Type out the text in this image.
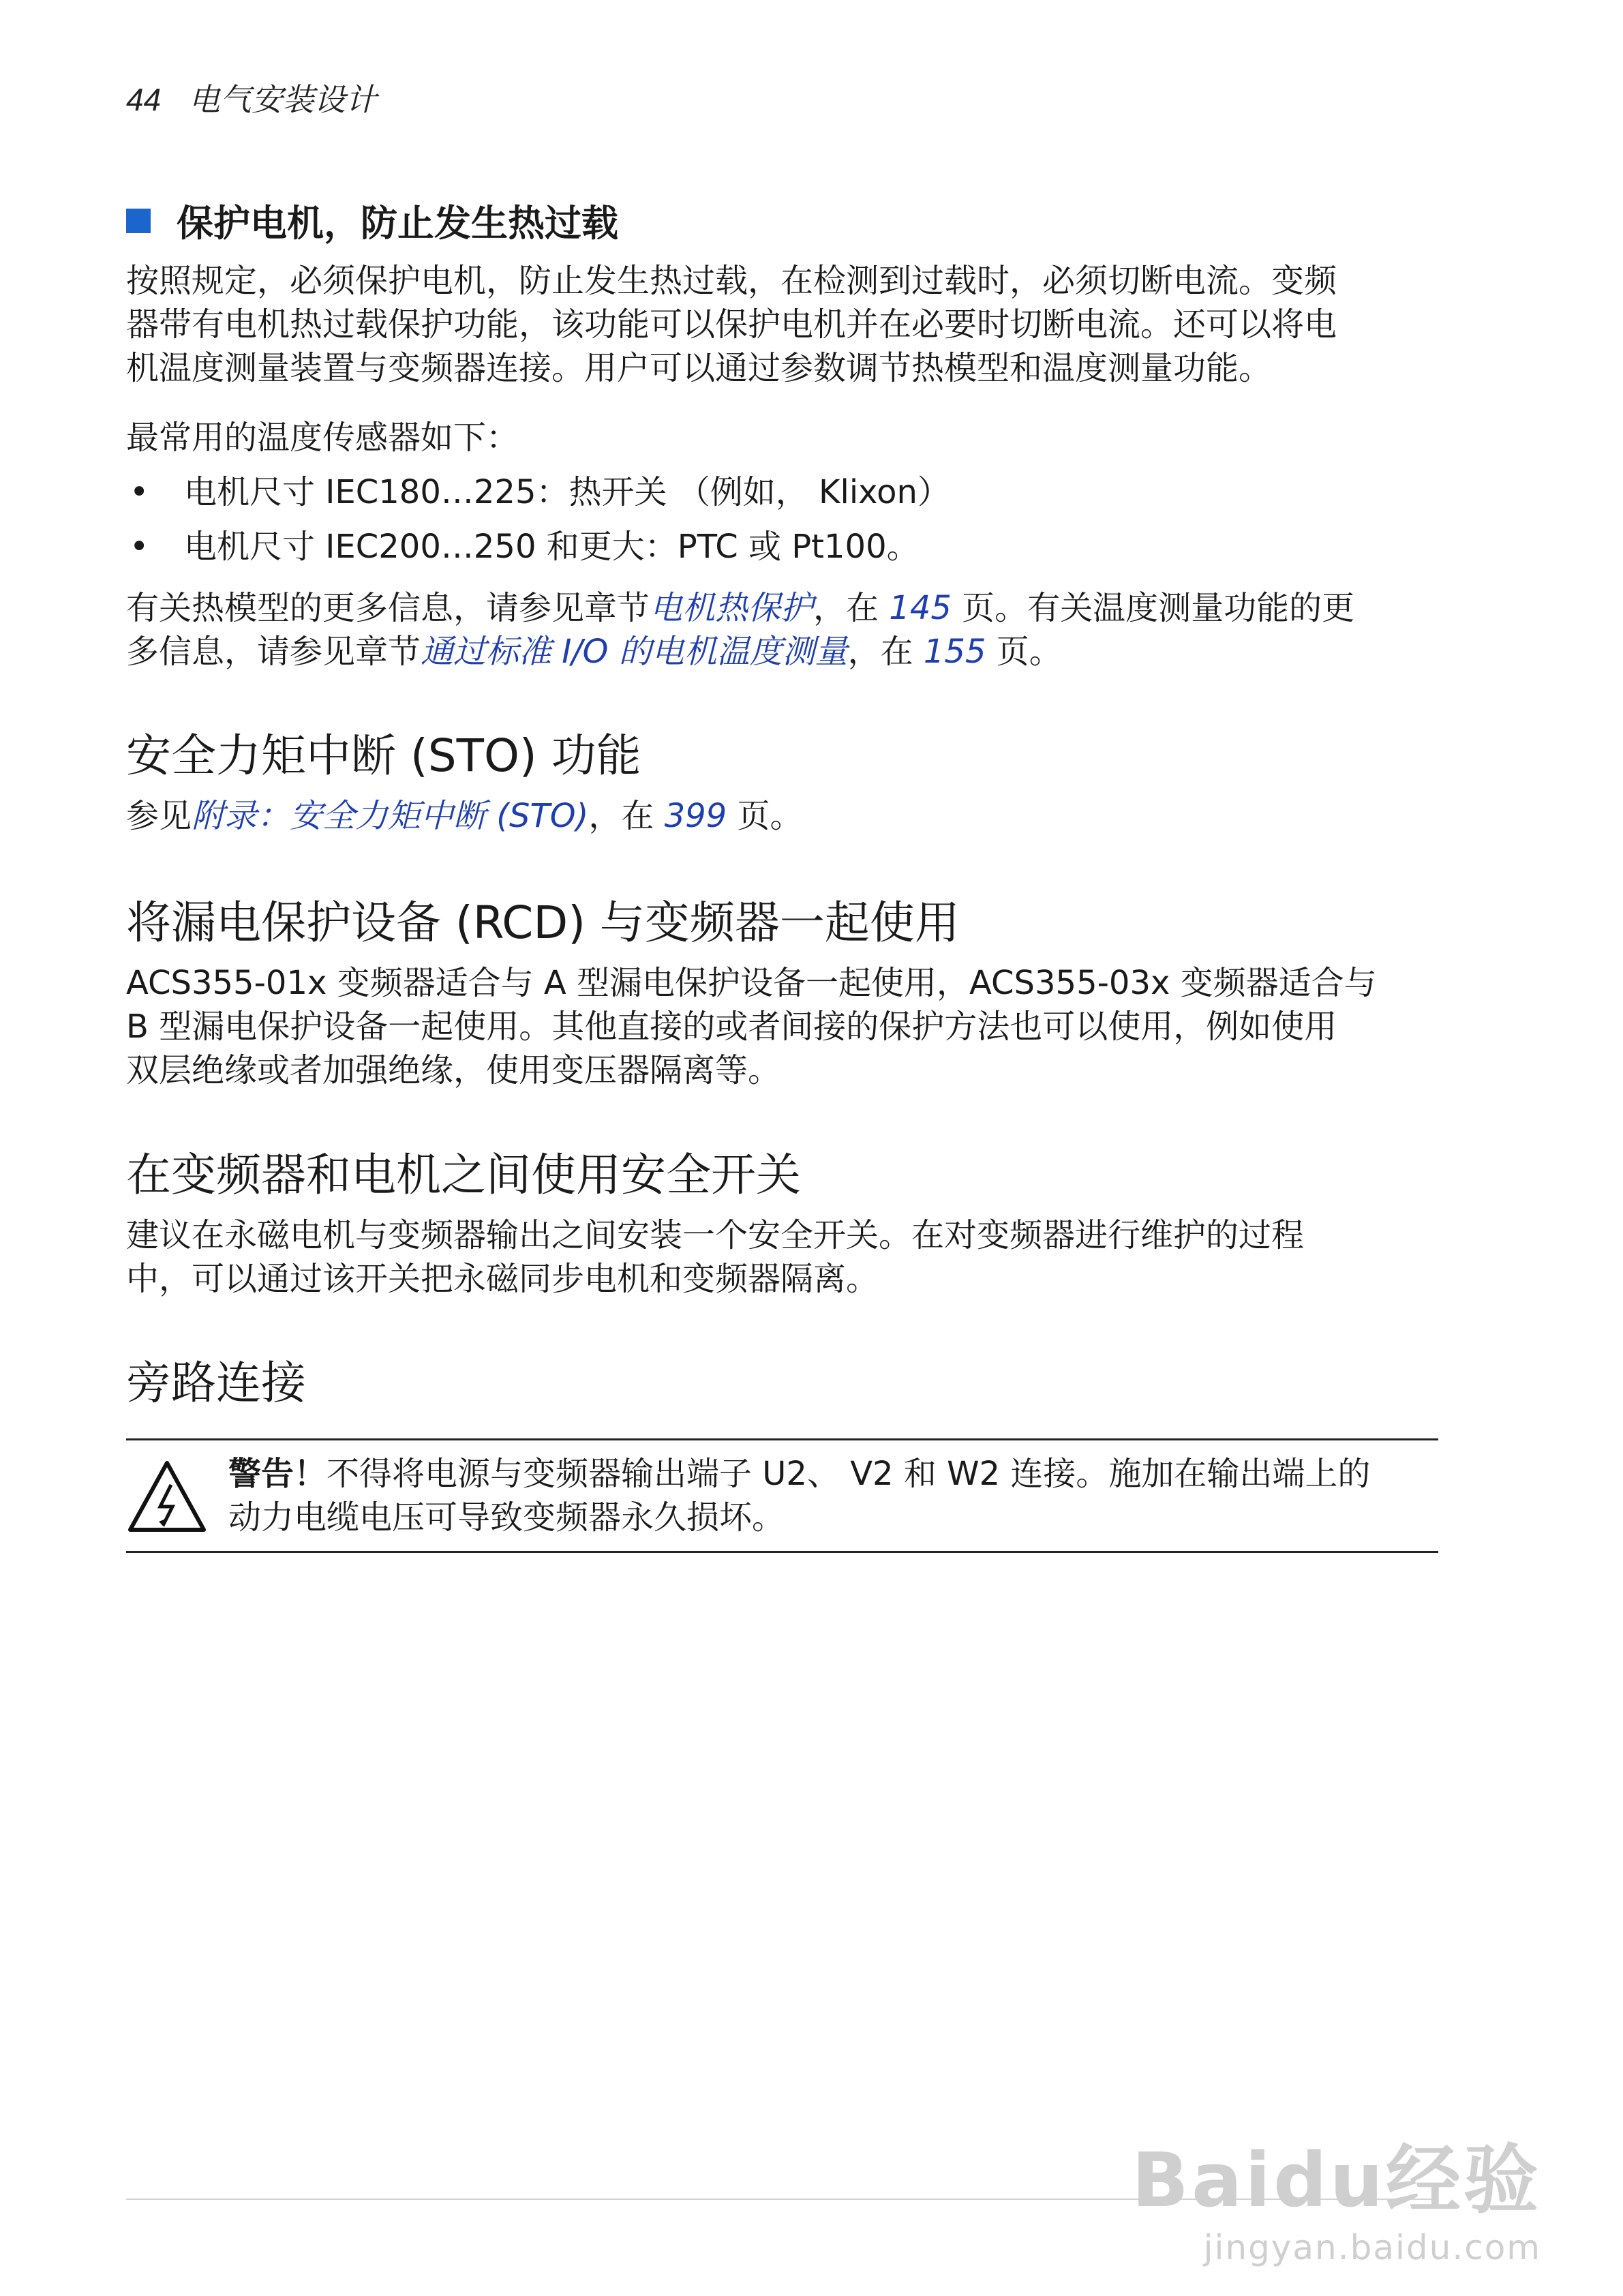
44 电气安装设计
保护电机，防止发生热过载
按照规定，必须保护电机，防止发生热过载，在检测到过载时，必须切断电流。变频
器带有电机热过载保护功能，该功能可以保护电机并在必要时切断电流。还可以将电
机温度测量装置与变频器连接。用户可以通过参数调节热模型和温度测量功能。
最常用的温度传感器如下：
• 电机尺寸 IEC180…225：热开关 （例如， Klixon）
• 电机尺寸 IEC200…250 和更大：PTC 或 Pt100。
有关热模型的更多信息，请参见章节电机热保护，在 145 页。有关温度测量功能的更
多信息，请参见章节通过标准 I/O 的电机温度测量，在 155 页。
安全力矩中断 (STO) 功能
参见附录：安全力矩中断 (STO)，在 399 页。
将漏电保护设备 (RCD) 与变频器一起使用
ACS355-01x 变频器适合与 A 型漏电保护设备一起使用，ACS355-03x 变频器适合与
B 型漏电保护设备一起使用。其他直接的或者间接的保护方法也可以使用，例如使用
双层绝缘或者加强绝缘，使用变压器隔离等。
在变频器和电机之间使用安全开关
建议在永磁电机与变频器输出之间安装一个安全开关。在对变频器进行维护的过程
中，可以通过该开关把永磁同步电机和变频器隔离。
旁路连接
警告！不得将电源与变频器输出端子 U2、 V2 和 W2 连接。施加在输出端上的
动力电缆电压可导致变频器永久损坏。
Baidu经验
jingyan.baidu.com
